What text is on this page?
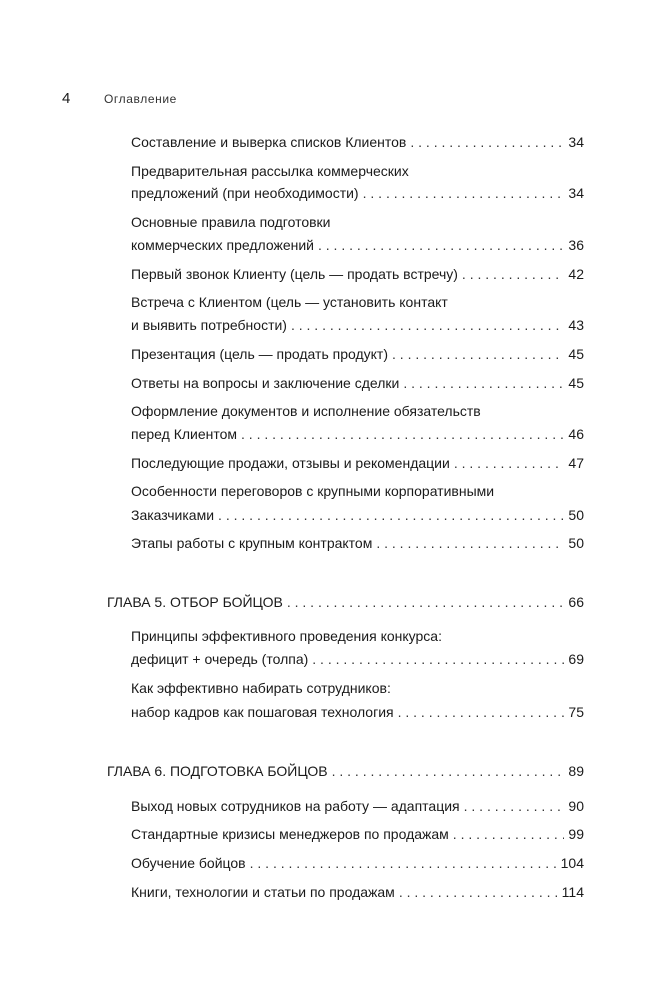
4	Оглавление
Составление и выверка списков Клиентов . . .	34
Предварительная рассылка коммерческих
предложений (при необходимости) . . .	34
Основные правила подготовки
коммерческих предложений . . .	36
Первый звонок Клиенту (цель — продать встречу) . . .	42
Встреча с Клиентом (цель — установить контакт
и выявить потребности) . . .	43
Презентация (цель — продать продукт) . . .	45
Ответы на вопросы и заключение сделки . . .	45
Оформление документов и исполнение обязательств
перед Клиентом . . .	46
Последующие продажи, отзывы и рекомендации . . .	47
Особенности переговоров с крупными корпоративными
Заказчиками . . .	50
Этапы работы с крупным контрактом . . .	50
ГЛАВА 5. ОТБОР БОЙЦОВ . . .	66
Принципы эффективного проведения конкурса:
дефицит + очередь (толпа) . . .	69
Как эффективно набирать сотрудников:
набор кадров как пошаговая технология . . .	75
ГЛАВА 6. ПОДГОТОВКА БОЙЦОВ . . .	89
Выход новых сотрудников на работу — адаптация . . .	90
Стандартные кризисы менеджеров по продажам . . .	99
Обучение бойцов . . .	104
Книги, технологии и статьи по продажам . . .	114
